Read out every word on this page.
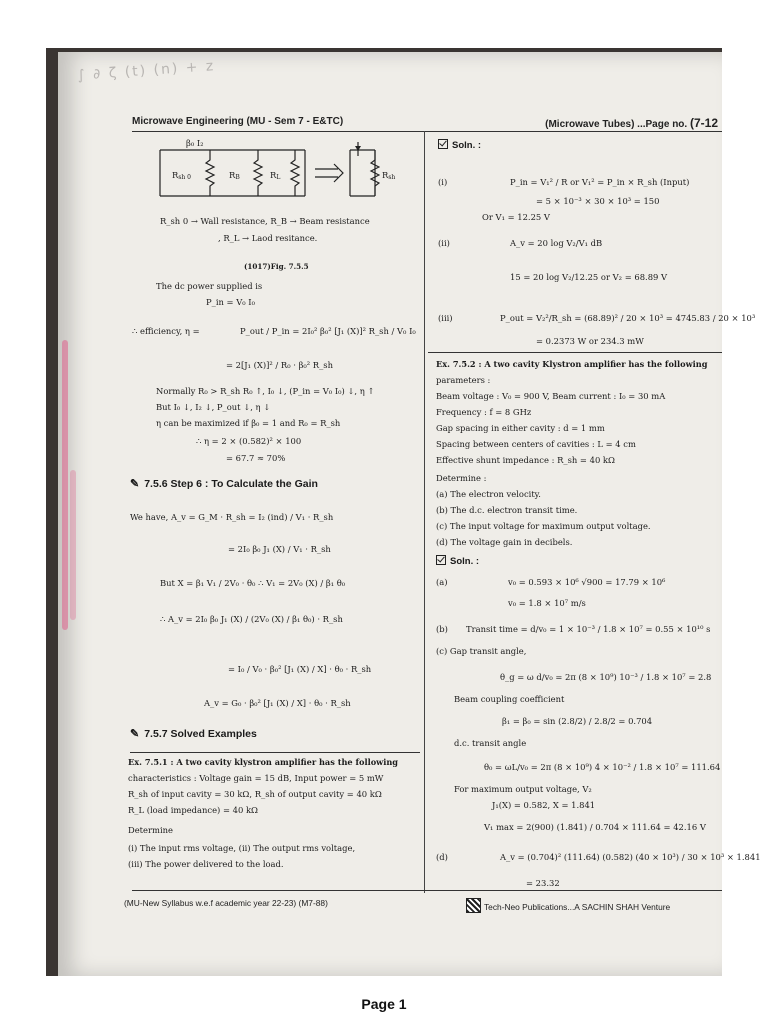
∫ ∂ ζ (t) (n) + z
Microwave Engineering (MU - Sem 7 - E&TC)	(Microwave Tubes) ...Page no. (7-12
β₀ I₂
Rsh 0	RB	RL	Rsh
R_sh 0 → Wall resistance, R_B → Beam resistance
, R_L → Laod resitance.
(1017)Fig. 7.5.5
The dc power supplied is
P_in = V₀ I₀
∴ efficiency, η =	P_out / P_in = 2I₀² β₀² [J₁ (X)]² R_sh / V₀ I₀
= 2[J₁ (X)]² / R₀ · β₀² R_sh
Normally R₀ > R_sh R₀ ↑, I₀ ↓, (P_in = V₀ I₀) ↓, η ↑
But I₀ ↓, I₂ ↓, P_out ↓, η ↓
η can be maximized if β₀ = 1 and R₀ = R_sh
∴ η = 2 × (0.582)² × 100
= 67.7 ≈ 70%
✎ 7.5.6 Step 6 : To Calculate the Gain
We have, A_v = G_M · R_sh = I₂ (ind) / V₁ · R_sh
= 2I₀ β₀ J₁ (X) / V₁ · R_sh
But X = β₁ V₁ / 2V₀ · θ₀ ∴ V₁ = 2V₀ (X) / β₁ θ₀
∴ A_v = 2I₀ β₀ J₁ (X) / (2V₀ (X) / β₁ θ₀) · R_sh
= I₀ / V₀ · β₀² [J₁ (X) / X] · θ₀ · R_sh
A_v = G₀ · β₀² [J₁ (X) / X] · θ₀ · R_sh
✎ 7.5.7 Solved Examples
Ex. 7.5.1 : A two cavity klystron amplifier has the following
characteristics : Voltage gain = 15 dB, Input power = 5 mW
R_sh of input cavity = 30 kΩ, R_sh of output cavity = 40 kΩ
R_L (load impedance) = 40 kΩ
Determine
(i) The input rms voltage, (ii) The output rms voltage,
(iii) The power delivered to the load.
Soln. :
(i)	P_in = V₁² / R or V₁² = P_in × R_sh (Input)
= 5 × 10⁻³ × 30 × 10³ = 150
Or V₁ = 12.25 V
(ii)	A_v = 20 log V₂/V₁ dB
15 = 20 log V₂/12.25 or V₂ = 68.89 V
(iii)	P_out = V₂²/R_sh = (68.89)² / 20 × 10³ = 4745.83 / 20 × 10³
= 0.2373 W or 234.3 mW
Ex. 7.5.2 : A two cavity Klystron amplifier has the following
parameters :
Beam voltage : V₀ = 900 V, Beam current : I₀ = 30 mA
Frequency : f = 8 GHz
Gap spacing in either cavity : d = 1 mm
Spacing between centers of cavities : L = 4 cm
Effective shunt impedance : R_sh = 40 kΩ
Determine :
(a) The electron velocity.
(b) The d.c. electron transit time.
(c) The input voltage for maximum output voltage.
(d) The voltage gain in decibels.
Soln. :
(a)	v₀ = 0.593 × 10⁶ √900 = 17.79 × 10⁶
v₀ = 1.8 × 10⁷ m/s
(b) Transit time = d/v₀ = 1 × 10⁻³ / 1.8 × 10⁷ = 0.55 × 10¹⁰ s
(c) Gap transit angle,
θ_g = ω d/v₀ = 2π (8 × 10⁹) 10⁻³ / 1.8 × 10⁷ = 2.8
Beam coupling coefficient
β₁ = β₀ = sin (2.8/2) / 2.8/2 = 0.704
d.c. transit angle
θ₀ = ωL/v₀ = 2π (8 × 10⁹) 4 × 10⁻² / 1.8 × 10⁷ = 111.64
For maximum output voltage, V₂
J₁(X) = 0.582, X = 1.841
V₁ max = 2(900) (1.841) / 0.704 × 111.64 = 42.16 V
(d)	A_v = (0.704)² (111.64) (0.582) (40 × 10³) / 30 × 10³ × 1.841
= 23.32
(MU-New Syllabus w.e.f academic year 22-23) (M7-88)	Tech-Neo Publications...A SACHIN SHAH Venture
Page 1
